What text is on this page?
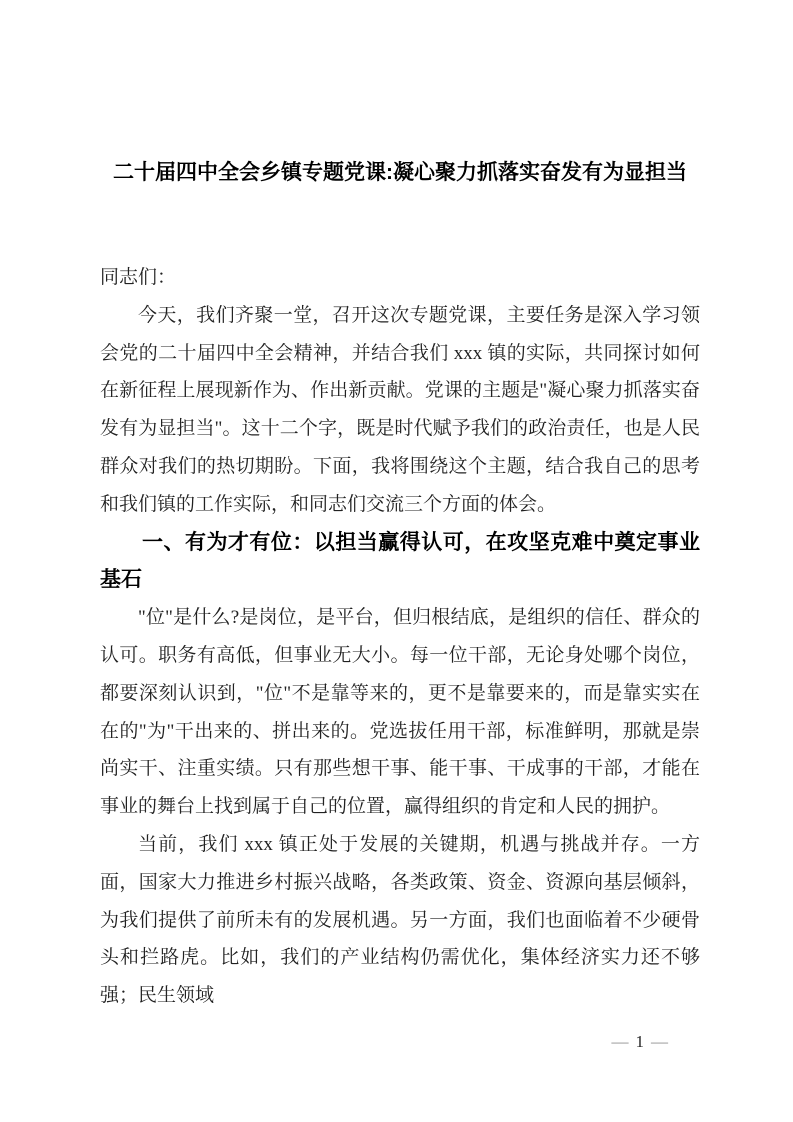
二十届四中全会乡镇专题党课:凝心聚力抓落实奋发有为显担当

同志们：

今天，我们齐聚一堂，召开这次专题党课，主要任务是深入学习领会党的二十届四中全会精神，并结合我们 xxx 镇的实际，共同探讨如何在新征程上展现新作为、作出新贡献。党课的主题是"凝心聚力抓落实奋发有为显担当"。这十二个字，既是时代赋予我们的政治责任，也是人民群众对我们的热切期盼。下面，我将围绕这个主题，结合我自己的思考和我们镇的工作实际，和同志们交流三个方面的体会。

一、有为才有位：以担当赢得认可，在攻坚克难中奠定事业基石

"位"是什么?是岗位，是平台，但归根结底，是组织的信任、群众的认可。职务有高低，但事业无大小。每一位干部，无论身处哪个岗位，都要深刻认识到，"位"不是靠等来的，更不是靠要来的，而是靠实实在在的"为"干出来的、拼出来的。党选拔任用干部，标准鲜明，那就是崇尚实干、注重实绩。只有那些想干事、能干事、干成事的干部，才能在事业的舞台上找到属于自己的位置，赢得组织的肯定和人民的拥护。

当前，我们 xxx 镇正处于发展的关键期，机遇与挑战并存。一方面，国家大力推进乡村振兴战略，各类政策、资金、资源向基层倾斜，为我们提供了前所未有的发展机遇。另一方面，我们也面临着不少硬骨头和拦路虎。比如，我们的产业结构仍需优化，集体经济实力还不够强；民生领域

— 1 —
